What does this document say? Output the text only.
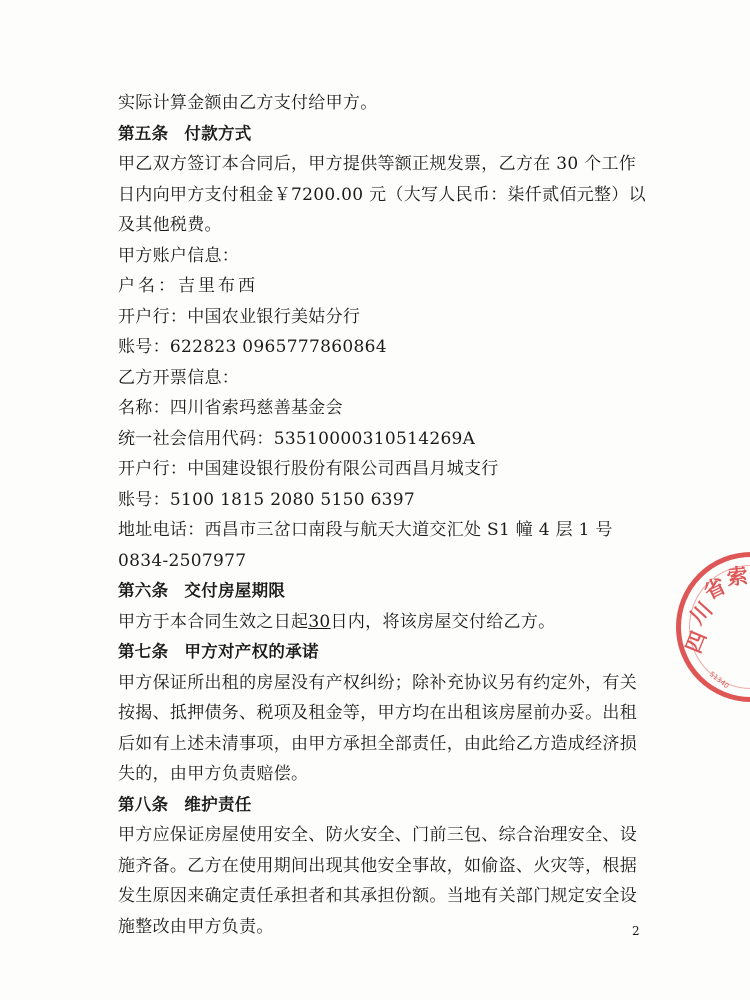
实际计算金额由乙方支付给甲方。
第五条 付款方式
甲乙双方签订本合同后，甲方提供等额正规发票，乙方在 30 个工作
日内向甲方支付租金￥7200.00 元（大写人民币：柒仟贰佰元整）以
及其他税费。
甲方账户信息：
户名：吉里布西
开户行：中国农业银行美姑分行
账号：622823 0965777860864
乙方开票信息：
名称：四川省索玛慈善基金会
统一社会信用代码：53510000310514269A
开户行：中国建设银行股份有限公司西昌月城支行
账号：5100 1815 2080 5150 6397
地址电话：西昌市三岔口南段与航天大道交汇处 S1 幢 4 层 1 号
0834-2507977
第六条 交付房屋期限
甲方于本合同生效之日起30日内，将该房屋交付给乙方。
第七条 甲方对产权的承诺
甲方保证所出租的房屋没有产权纠纷；除补充协议另有约定外，有关
按揭、抵押债务、税项及租金等，甲方均在出租该房屋前办妥。出租
后如有上述未清事项，由甲方承担全部责任，由此给乙方造成经济损
失的，由甲方负责赔偿。
第八条 维护责任
甲方应保证房屋使用安全、防火安全、门前三包、综合治理安全、设
施齐备。乙方在使用期间出现其他安全事故，如偷盗、火灾等，根据
发生原因来确定责任承担者和其承担份额。当地有关部门规定安全设
施整改由甲方负责。	2
四
川
省
索
51340
